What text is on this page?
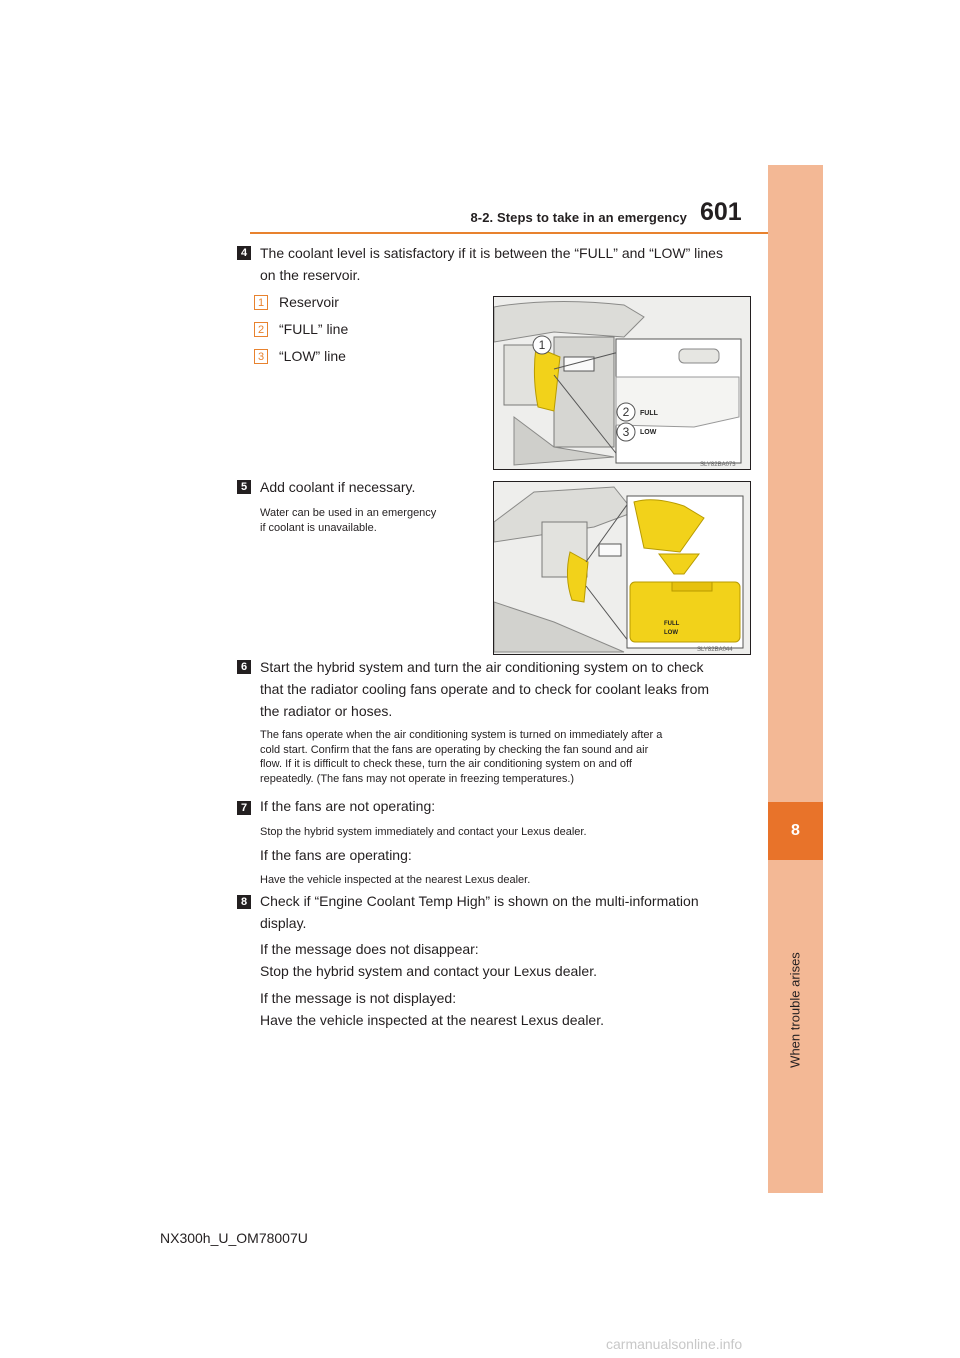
8-2. Steps to take in an emergency 601
8
When trouble arises
4 The coolant level is satisfactory if it is between the “FULL” and “LOW” lines
on the reservoir.
1 Reservoir
2 “FULL” line
3 “LOW” line
1
2
3
FULL
LOW
SLY82BA073
5 Add coolant if necessary.
Water can be used in an emergency
if coolant is unavailable.
FULL
LOW
SLY82BA044
6 Start the hybrid system and turn the air conditioning system on to check
that the radiator cooling fans operate and to check for coolant leaks from
the radiator or hoses.
The fans operate when the air conditioning system is turned on immediately after a
cold start. Confirm that the fans are operating by checking the fan sound and air
flow. If it is difficult to check these, turn the air conditioning system on and off
repeatedly. (The fans may not operate in freezing temperatures.)
7 If the fans are not operating:
Stop the hybrid system immediately and contact your Lexus dealer.
If the fans are operating:
Have the vehicle inspected at the nearest Lexus dealer.
8 Check if “Engine Coolant Temp High” is shown on the multi-information
display.
If the message does not disappear:
Stop the hybrid system and contact your Lexus dealer.
If the message is not displayed:
Have the vehicle inspected at the nearest Lexus dealer.
NX300h_U_OM78007U
carmanualsonline.info
